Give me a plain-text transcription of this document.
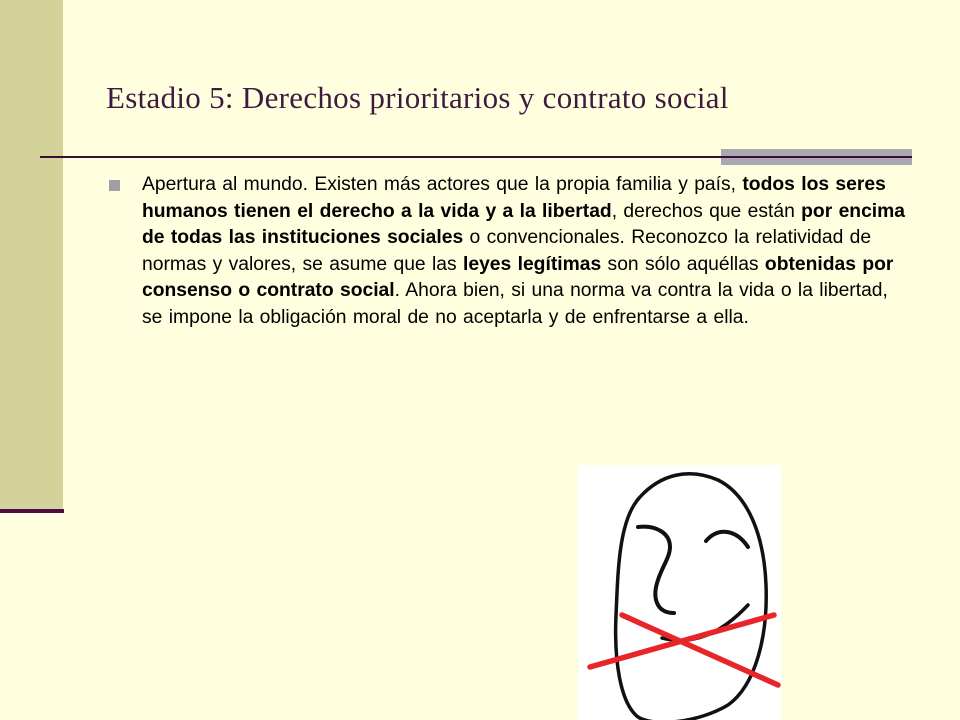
Estadio 5: Derechos prioritarios y contrato social

Apertura al mundo. Existen más actores que la propia familia y país, todos los seres humanos tienen el derecho a la vida y a la libertad, derechos que están por encima de todas las instituciones sociales o convencionales. Reconozco la relatividad de normas y valores, se asume que las leyes legítimas son sólo aquéllas obtenidas por consenso o contrato social. Ahora bien, si una norma va contra la vida o la libertad, se impone la obligación moral de no aceptarla y de enfrentarse a ella.
